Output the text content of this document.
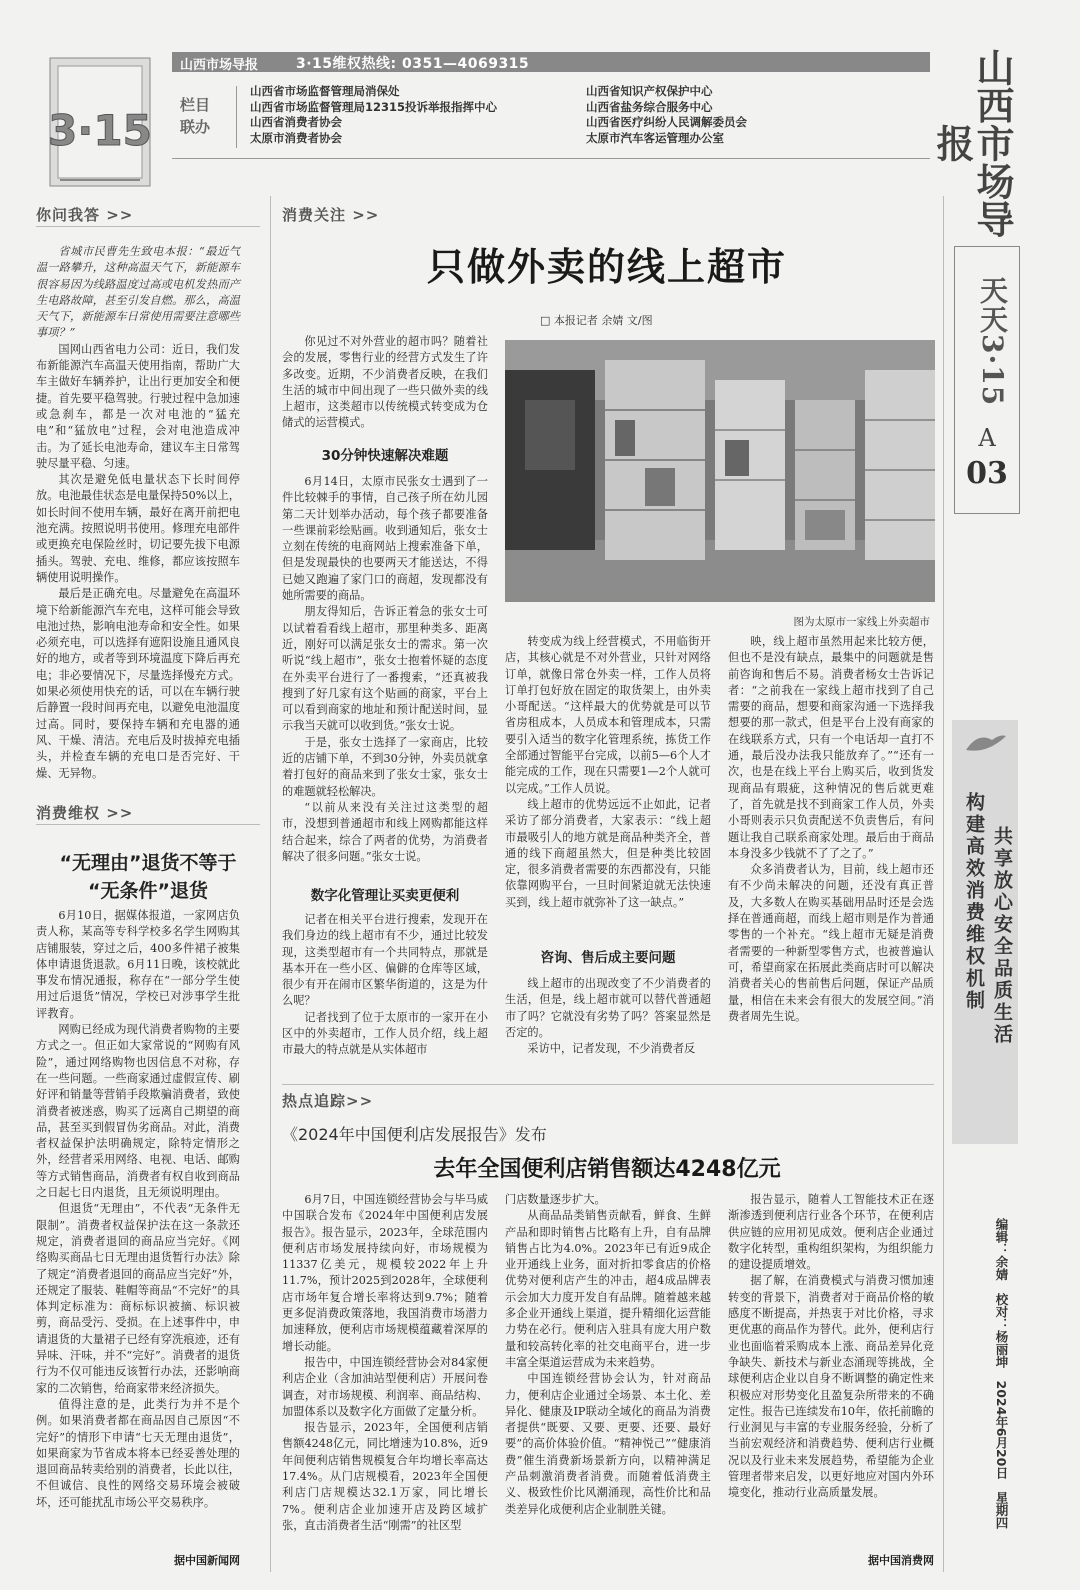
3·15
山西市场导报	3·15维权热线: 0351—4069315
栏目联办
山西省市场监督管理局消保处
山西省市场监督管理局12315投诉举报指挥中心
山西省消费者协会
太原市消费者协会
山西省知识产权保护中心
山西省盐务综合服务中心
山西省医疗纠纷人民调解委员会
太原市汽车客运管理办公室	山西市场导报
天天3·15
A
03
构建高效消费维权机制 共享放心安全品质生活
编辑：余婧　校对：杨丽坤　2024年6月20日　星期四
你问我答 >>

省城市民曹先生致电本报：“最近气温一路攀升，这种高温天气下，新能源车很容易因为线路温度过高或电机发热而产生电路故障，甚至引发自燃。那么，高温天气下，新能源车日常使用需要注意哪些事项？”

国网山西省电力公司：近日，我们发布新能源汽车高温天使用指南，帮助广大车主做好车辆养护，让出行更加安全和便捷。首先要平稳驾驶。行驶过程中急加速或急刹车，都是一次对电池的“猛充电”和“猛放电”过程，会对电池造成冲击。为了延长电池寿命，建议车主日常驾驶尽量平稳、匀速。

其次是避免低电量状态下长时间停放。电池最佳状态是电量保持50%以上，如长时间不使用车辆，最好在离开前把电池充满。按照说明书使用。修理充电部件或更换充电保险丝时，切记要先拔下电源插头。驾驶、充电、维修，都应该按照车辆使用说明操作。

最后是正确充电。尽量避免在高温环境下给新能源汽车充电，这样可能会导致电池过热，影响电池寿命和安全性。如果必须充电，可以选择有遮阳设施且通风良好的地方，或者等到环境温度下降后再充电；非必要情况下，尽量选择慢充方式。如果必须使用快充的话，可以在车辆行驶后静置一段时间再充电，以避免电池温度过高。同时，要保持车辆和充电器的通风、干燥、清洁。充电后及时拔掉充电插头，并检查车辆的充电口是否完好、干燥、无异物。

消费维权 >>
“无理由”退货不等于
“无条件”退货

6月10日，据媒体报道，一家网店负责人称，某高等专科学校多名学生网购其店铺服装，穿过之后，400多件裙子被集体申请退货退款。6月11日晚，该校就此事发布情况通报，称存在“一部分学生使用过后退货”情况，学校已对涉事学生批评教育。

网购已经成为现代消费者购物的主要方式之一。但正如大家常说的“网购有风险”，通过网络购物也因信息不对称，存在一些问题。一些商家通过虚假宣传、刷好评和销量等营销手段欺骗消费者，致使消费者被迷惑，购买了远离自己期望的商品，甚至买到假冒伪劣商品。对此，消费者权益保护法明确规定，除特定情形之外，经营者采用网络、电视、电话、邮购等方式销售商品，消费者有权自收到商品之日起七日内退货，且无须说明理由。

但退货“无理由”，不代表“无条件无限制”。消费者权益保护法在这一条款还规定，消费者退回的商品应当完好。《网络购买商品七日无理由退货暂行办法》除了规定“消费者退回的商品应当完好”外，还规定了服装、鞋帽等商品“不完好”的具体判定标准为：商标标识被摘、标识被剪，商品受污、受损。在上述事件中，申请退货的大量裙子已经有穿洗痕迹，还有异味、汗味，并不“完好”。消费者的退货行为不仅可能违反该暂行办法，还影响商家的二次销售，给商家带来经济损失。

值得注意的是，此类行为并不是个例。如果消费者都在商品因自己原因“不完好”的情形下申请“七天无理由退货”，如果商家为节省成本将本已经妥善处理的退回商品转卖给别的消费者，长此以往，不但诚信、良性的网络交易环境会被破坏，还可能扰乱市场公平交易秩序。

据中国新闻网
消费关注 >>
只做外卖的线上超市
□ 本报记者 余婧 文/图
图为太原市一家线上外卖超市

你见过不对外营业的超市吗？随着社会的发展，零售行业的经营方式发生了许多改变。近期，不少消费者反映，在我们生活的城市中间出现了一些只做外卖的线上超市，这类超市以传统模式转变成为仓储式的运营模式。

30分钟快速解决难题

6月14日，太原市民张女士遇到了一件比较棘手的事情，自己孩子所在幼儿园第二天计划举办活动，每个孩子都要准备一些课前彩绘贴画。收到通知后，张女士立刻在传统的电商网站上搜索准备下单，但是发现最快的也要两天才能送达，不得已她又跑遍了家门口的商超，发现都没有她所需要的商品。

朋友得知后，告诉正着急的张女士可以试着看看线上超市，那里种类多、距离近，刚好可以满足张女士的需求。第一次听说“线上超市”，张女士抱着怀疑的态度在外卖平台进行了一番搜索，“还真被我搜到了好几家有这个贴画的商家，平台上可以看到商家的地址和预计配送时间，显示我当天就可以收到货。”张女士说。

于是，张女士选择了一家商店，比较近的店铺下单，不到30分钟，外卖员就拿着打包好的商品来到了张女士家，张女士的难题就轻松解决。

“以前从来没有关注过这类型的超市，没想到普通超市和线上网购都能这样结合起来，综合了两者的优势，为消费者解决了很多问题。”张女士说。

数字化管理让买卖更便利

记者在相关平台进行搜索，发现开在我们身边的线上超市有不少，通过比较发现，这类型超市有一个共同特点，那就是基本开在一些小区、偏僻的仓库等区域，很少有开在闹市区繁华街道的，这是为什么呢？

记者找到了位于太原市的一家开在小区中的外卖超市，工作人员介绍，线上超市最大的特点就是从实体超市

转变成为线上经营模式，不用临街开店，其核心就是不对外营业，只针对网络订单，就像日常仓外卖一样，工作人员将订单打包好放在固定的取货架上，由外卖小哥配送。“这样最大的优势就是可以节省房租成本，人员成本和管理成本，只需要引入适当的数字化管理系统，拣货工作全部通过智能平台完成，以前5—6个人才能完成的工作，现在只需要1—2个人就可以完成。”工作人员说。

线上超市的优势远远不止如此，记者采访了部分消费者，大家表示：“线上超市最吸引人的地方就是商品种类齐全，普通的线下商超虽然大，但是种类比较固定，很多消费者需要的东西都没有，只能依靠网购平台，一旦时间紧迫就无法快速买到，线上超市就弥补了这一缺点。”

咨询、售后成主要问题

线上超市的出现改变了不少消费者的生活，但是，线上超市就可以替代普通超市了吗？它就没有劣势了吗？答案显然是否定的。

采访中，记者发现，不少消费者反

映，线上超市虽然用起来比较方便，但也不是没有缺点，最集中的问题就是售前咨询和售后不易。消费者杨女士告诉记者：“之前我在一家线上超市找到了自己需要的商品，想要和商家沟通一下选择我想要的那一款式，但是平台上没有商家的在线联系方式，只有一个电话却一直打不通，最后没办法我只能放弃了。”“还有一次，也是在线上平台上购买后，收到货发现商品有瑕疵，这种情况的售后就更难了，首先就是找不到商家工作人员，外卖小哥则表示只负责配送不负责售后，有问题让我自己联系商家处理。最后由于商品本身没多少钱就不了了之了。”

众多消费者认为，目前，线上超市还有不少尚未解决的问题，还没有真正普及，大多数人在购买基础用品时还是会选择在普通商超，而线上超市则是作为普通零售的一个补充。“线上超市无疑是消费者需要的一种新型零售方式，也被普遍认可，希望商家在拓展此类商店时可以解决消费者关心的售前售后问题，保证产品质量，相信在未来会有很大的发展空间。”消费者周先生说。

热点追踪>>
《2024年中国便利店发展报告》发布
去年全国便利店销售额达4248亿元

6月7日，中国连锁经营协会与毕马威中国联合发布《2024年中国便利店发展报告》。报告显示，2023年，全球范围内便利店市场发展持续向好，市场规模为11337亿美元，规模较2022年上升11.7%，预计2025到2028年，全球便利店市场年复合增长率将达到9.7%；随着更多促消费政策落地，我国消费市场潜力加速释放，便利店市场规模蕴藏着深厚的增长动能。

报告中，中国连锁经营协会对84家便利店企业（含加油站型便利店）开展问卷调查，对市场规模、利润率、商品结构、加盟体系以及数字化方面做了定量分析。

报告显示，2023年，全国便利店销售额4248亿元，同比增速为10.8%，近9年间便利店销售规模复合年均增长率高达17.4%。从门店规模看，2023年全国便利店门店规模达32.1万家，同比增长7%。便利店企业加速开店及跨区域扩张，直击消费者生活“刚需”的社区型

门店数量逐步扩大。

从商品品类销售贡献看，鲜食、生鲜产品和即时销售占比略有上升，自有品牌销售占比为4.0%。2023年已有近9成企业开通线上业务，面对折扣零食店的价格优势对便利店产生的冲击，超4成品牌表示会加大力度开发自有品牌。随着越来越多企业开通线上渠道，提升精细化运营能力势在必行。便利店入驻具有庞大用户数量和较高转化率的社交电商平台，进一步丰富全渠道运营成为未来趋势。

中国连锁经营协会认为，针对商品力，便利店企业通过全场景、本土化、差异化、健康及IP联动全域化的商品为消费者提供“既要、又要、更要、还要、最好要”的高价体验价值。“精神悦己”“健康消费”催生消费新场景新方向，以精神满足产品刺激消费者消费。而随着低消费主义、极致性价比风潮涌现，高性价比和品类差异化成便利店企业制胜关键。

报告显示，随着人工智能技术正在逐渐渗透到便利店行业各个环节，在便利店供应链的应用初见成效。便利店企业通过数字化转型，重构组织架构，为组织能力的建设提质增效。

据了解，在消费模式与消费习惯加速转变的背景下，消费者对于商品价格的敏感度不断提高，并热衷于对比价格，寻求更优惠的商品作为替代。此外，便利店行业也面临着采购成本上涨、商品差异化竞争缺失、新技术与新业态涌现等挑战，全球便利店企业以自身不断调整的确定性来积极应对形势变化且盈复杂所带来的不确定性。报告已连续发布10年，依托前瞻的行业洞见与丰富的专业服务经验，分析了当前宏观经济和消费趋势、便利店行业概况以及行业未来发展趋势，希望能为企业管理者带来启发，以更好地应对国内外环境变化，推动行业高质量发展。

据中国消费网
